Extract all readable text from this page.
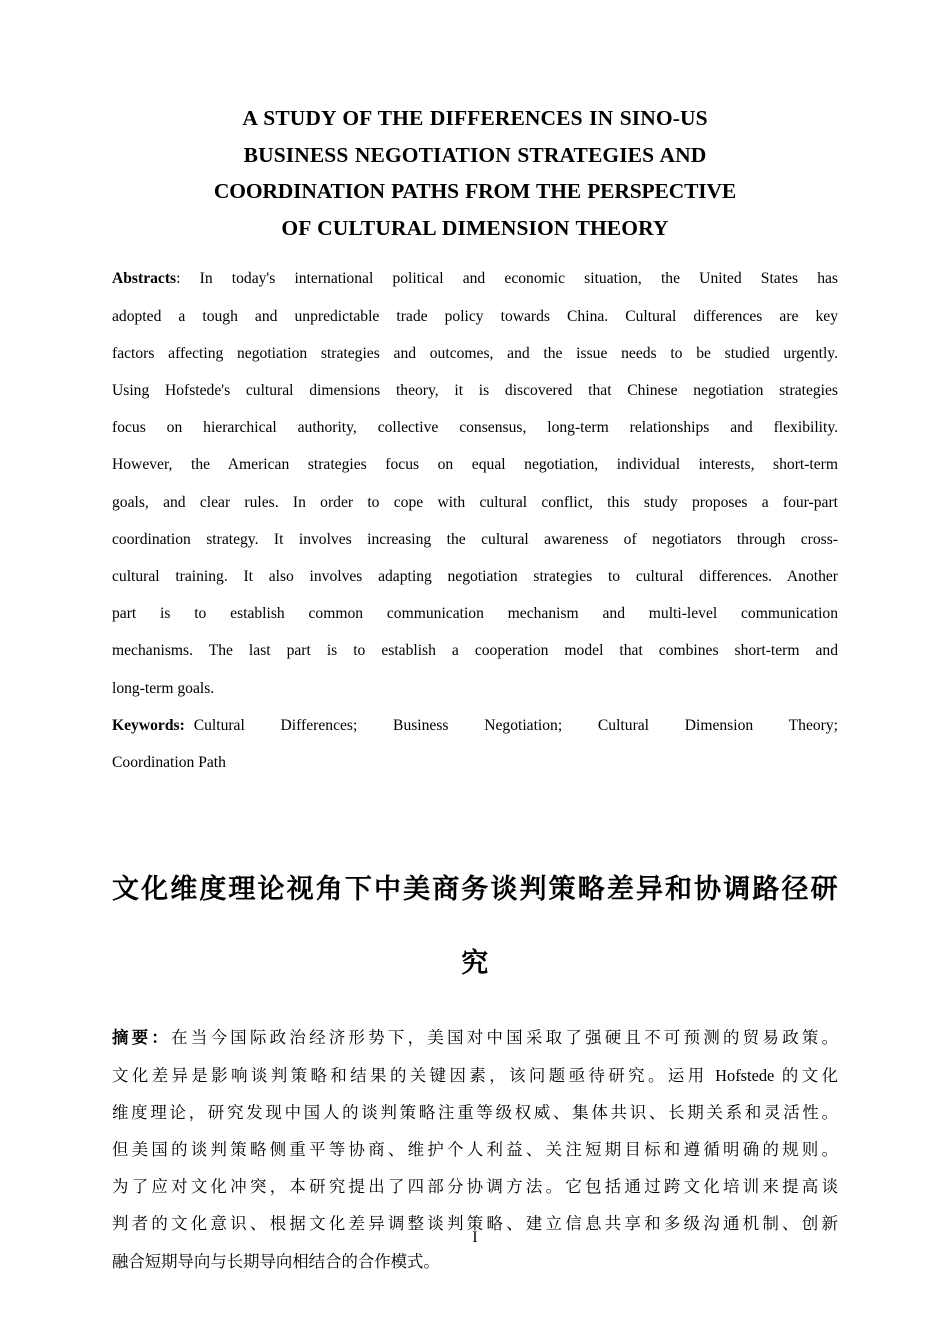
A STUDY OF THE DIFFERENCES IN SINO-US
BUSINESS NEGOTIATION STRATEGIES AND
COORDINATION PATHS FROM THE PERSPECTIVE
OF CULTURAL DIMENSION THEORY

Abstracts: In today's international political and economic situation, the United States has
adopted a tough and unpredictable trade policy towards China. Cultural differences are key
factors affecting negotiation strategies and outcomes, and the issue needs to be studied urgently.
Using Hofstede's cultural dimensions theory, it is discovered that Chinese negotiation strategies
focus on hierarchical authority, collective consensus, long-term relationships and flexibility.
However, the American strategies focus on equal negotiation, individual interests, short-term
goals, and clear rules. In order to cope with cultural conflict, this study proposes a four-part
coordination strategy. It involves increasing the cultural awareness of negotiators through cross-
cultural training. It also involves adapting negotiation strategies to cultural differences. Another
part is to establish common communication mechanism and multi-level communication
mechanisms. The last part is to establish a cooperation model that combines short-term and
long-term goals.

Keywords: Cultural    Differences;    Business    Negotiation;    Cultural    Dimension    Theory;
Coordination Path
文化维度理论视角下中美商务谈判策略差异和协调路径研
究
摘要：在当今国际政治经济形势下，美国对中国采取了强硬且不可预测的贸易政策。
文化差异是影响谈判策略和结果的关键因素，该问题亟待研究。运用 Hofstede 的文化
维度理论，研究发现中国人的谈判策略注重等级权威、集体共识、长期关系和灵活性。
但美国的谈判策略侧重平等协商、维护个人利益、关注短期目标和遵循明确的规则。
为了应对文化冲突，本研究提出了四部分协调方法。它包括通过跨文化培训来提高谈
判者的文化意识、根据文化差异调整谈判策略、建立信息共享和多级沟通机制、创新
融合短期导向与长期导向相结合的合作模式。
I
